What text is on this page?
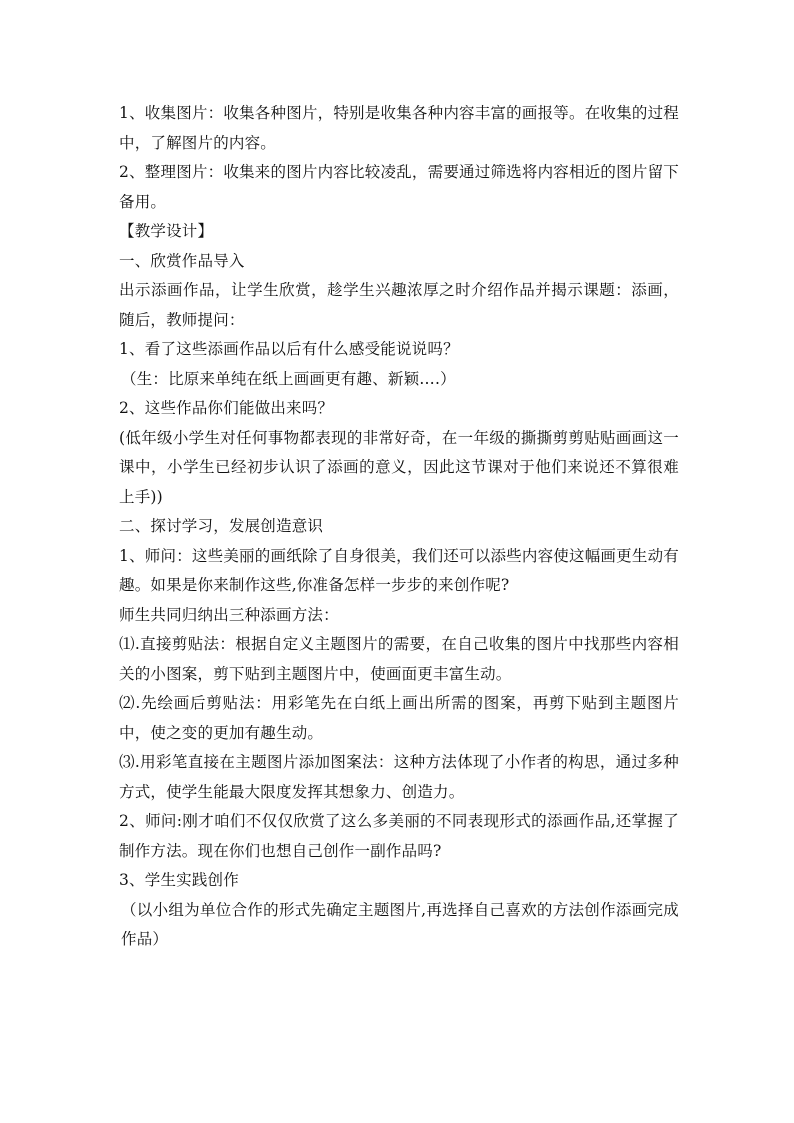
1、收集图片：收集各种图片，特别是收集各种内容丰富的画报等。在收集的过程中，了解图片的内容。

2、整理图片：收集来的图片内容比较凌乱，需要通过筛选将内容相近的图片留下备用。

【教学设计】

一、欣赏作品导入

出示添画作品，让学生欣赏，趁学生兴趣浓厚之时介绍作品并揭示课题：添画，随后，教师提问：

1、看了这些添画作品以后有什么感受能说说吗？

（生：比原来单纯在纸上画画更有趣、新颖….）

2、这些作品你们能做出来吗？

(低年级小学生对任何事物都表现的非常好奇，在一年级的撕撕剪剪贴贴画画这一课中，小学生已经初步认识了添画的意义，因此这节课对于他们来说还不算很难上手))

二、探讨学习，发展创造意识

1、师问：这些美丽的画纸除了自身很美，我们还可以添些内容使这幅画更生动有趣。如果是你来制作这些,你准备怎样一步步的来创作呢?

师生共同归纳出三种添画方法：

⑴.直接剪贴法：根据自定义主题图片的需要，在自己收集的图片中找那些内容相关的小图案，剪下贴到主题图片中，使画面更丰富生动。

⑵.先绘画后剪贴法：用彩笔先在白纸上画出所需的图案，再剪下贴到主题图片中，使之变的更加有趣生动。

⑶.用彩笔直接在主题图片添加图案法：这种方法体现了小作者的构思，通过多种方式，使学生能最大限度发挥其想象力、创造力。

2、师问:刚才咱们不仅仅欣赏了这么多美丽的不同表现形式的添画作品,还掌握了制作方法。现在你们也想自己创作一副作品吗?

3、学生实践创作

（以小组为单位合作的形式先确定主题图片,再选择自己喜欢的方法创作添画完成作品）
